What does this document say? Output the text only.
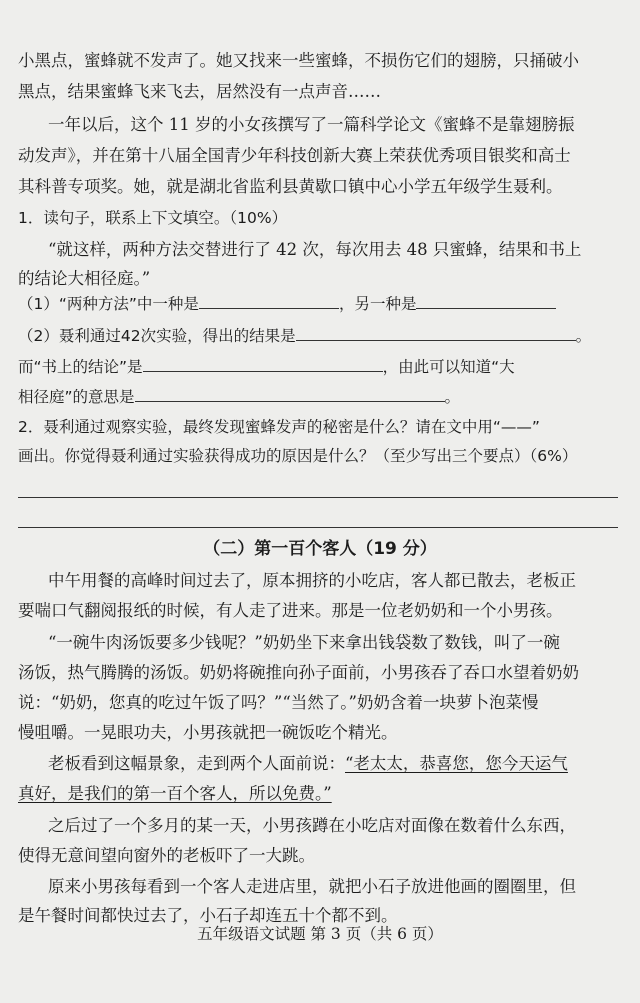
小黑点，蜜蜂就不发声了。她又找来一些蜜蜂，不损伤它们的翅膀，只捅破小
黑点，结果蜜蜂飞来飞去，居然没有一点声音……
一年以后，这个 11 岁的小女孩撰写了一篇科学论文《蜜蜂不是靠翅膀振
动发声》，并在第十八届全国青少年科技创新大赛上荣获优秀项目银奖和高士
其科普专项奖。她，就是湖北省监利县黄歇口镇中心小学五年级学生聂利。
1．读句子，联系上下文填空。（10%）
“就这样，两种方法交替进行了 42 次，每次用去 48 只蜜蜂，结果和书上
的结论大相径庭。”
（1）“两种方法”中一种是	，另一种是
（2）聂利通过42次实验，得出的结果是	。
而“书上的结论”是	，由此可以知道“大
相径庭”的意思是	。
2．聂利通过观察实验，最终发现蜜蜂发声的秘密是什么？请在文中用“——”
画出。你觉得聂利通过实验获得成功的原因是什么？（至少写出三个要点）（6%）
（二）第一百个客人（19 分）
中午用餐的高峰时间过去了，原本拥挤的小吃店，客人都已散去，老板正
要喘口气翻阅报纸的时候，有人走了进来。那是一位老奶奶和一个小男孩。
“一碗牛肉汤饭要多少钱呢？”奶奶坐下来拿出钱袋数了数钱，叫了一碗
汤饭，热气腾腾的汤饭。奶奶将碗推向孙子面前，小男孩吞了吞口水望着奶奶
说：“奶奶，您真的吃过午饭了吗？”“当然了。”奶奶含着一块萝卜泡菜慢
慢咀嚼。一晃眼功夫，小男孩就把一碗饭吃个精光。
老板看到这幅景象，走到两个人面前说：“老太太，恭喜您，您今天运气
真好，是我们的第一百个客人，所以免费。”
之后过了一个多月的某一天，小男孩蹲在小吃店对面像在数着什么东西，
使得无意间望向窗外的老板吓了一大跳。
原来小男孩每看到一个客人走进店里，就把小石子放进他画的圈圈里，但
是午餐时间都快过去了，小石子却连五十个都不到。
五年级语文试题 第 3 页（共 6 页）
